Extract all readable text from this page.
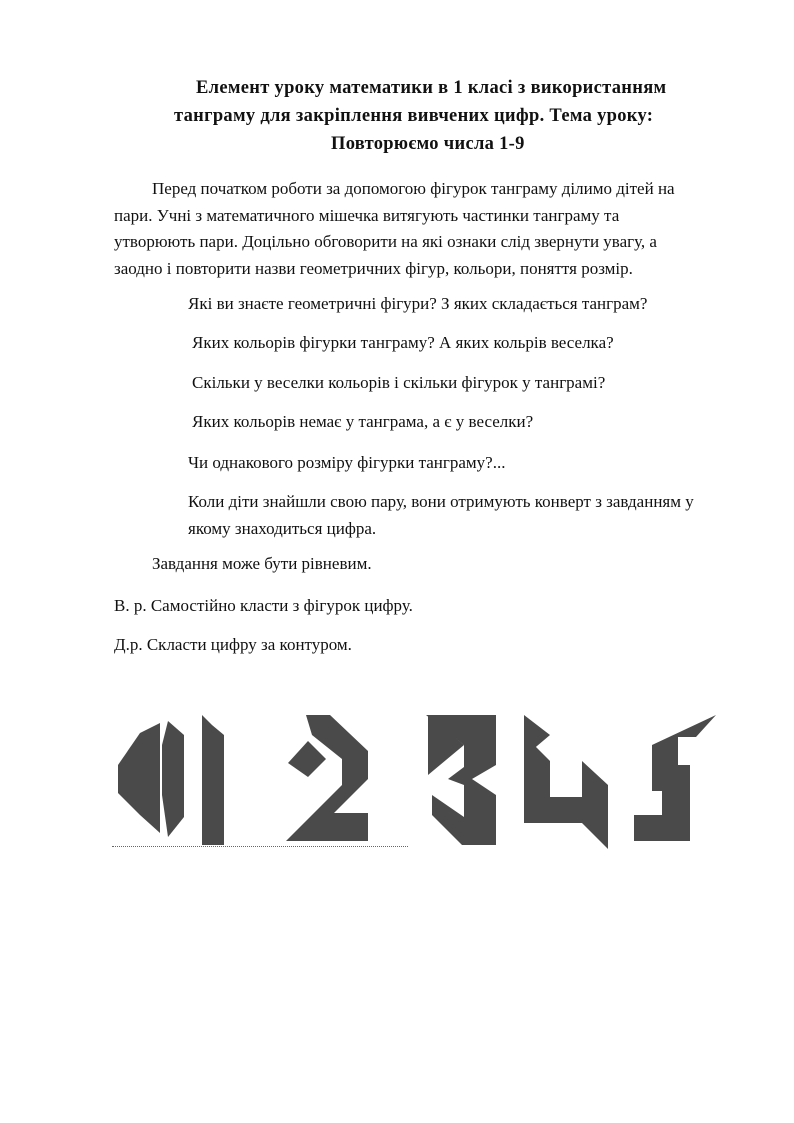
Елемент уроку математики в 1 класі з використанням
танграму для закріплення вивчених цифр. Тема уроку:
Повторюємо числа 1-9
Перед початком роботи за допомогою фігурок танграму ділимо дітей на
пари. Учні з математичного мішечка витягують частинки танграму та
утворюють пари. Доцільно обговорити на які ознаки слід звернути увагу, а
заодно і повторити назви геометричних фігур, кольори, поняття розмір.

Які ви знаєте геометричні фігури? З яких складається танграм?

Яких кольорів фігурки танграму? А яких кольрів веселка?

Скільки у веселки кольорів і скільки фігурок у танграмі?

Яких кольорів немає у танграма, а є у веселки?

Чи однакового розміру фігурки танграму?...

Коли діти знайшли свою пару, вони отримують конверт з завданням у
якому знаходиться цифра.

Завдання може бути рівневим.

В. р. Самостійно класти з фігурок цифру.

Д.р. Скласти цифру за контуром.
